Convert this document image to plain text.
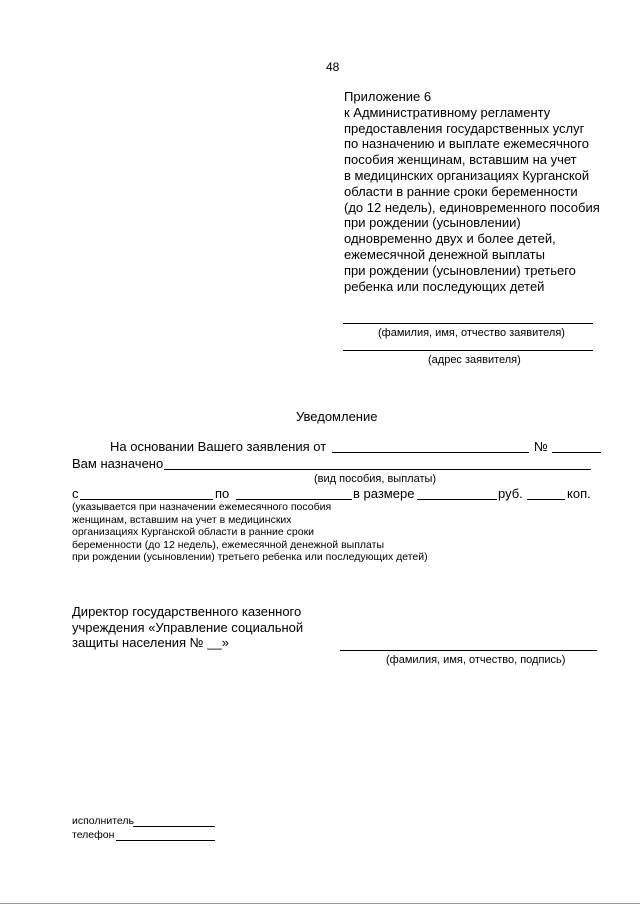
48
Приложение 6
к Административному регламенту
предоставления государственных услуг
по назначению и выплате ежемесячного
пособия женщинам, вставшим на учет
в медицинских организациях Курганской
области в ранние сроки беременности
(до 12 недель), единовременного пособия
при рождении (усыновлении)
одновременно двух и более детей,
ежемесячной денежной выплаты
при рождении (усыновлении) третьего
ребенка или последующих детей
(фамилия, имя, отчество заявителя)
(адрес заявителя)
Уведомление
На основании Вашего заявления от	№
Вам назначено
(вид пособия, выплаты)
с	по	в размере	руб.	коп.
(указывается при назначении ежемесячного пособия
женщинам, вставшим на учет в медицинских
организациях Курганской области в ранние сроки
беременности (до 12 недель), ежемесячной денежной выплаты
при рождении (усыновлении) третьего ребенка или последующих детей)
Директор государственного казенного
учреждения «Управление социальной
защиты населения № __»
(фамилия, имя, отчество, подпись)
исполнитель
телефон
